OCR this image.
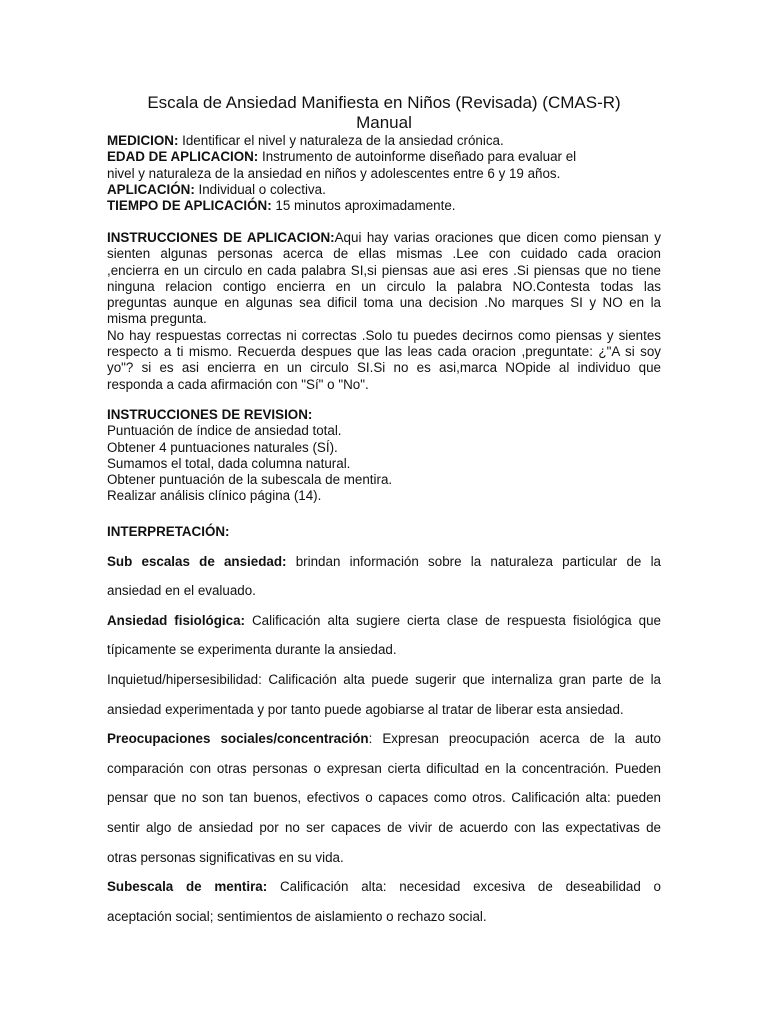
Escala de Ansiedad Manifiesta en Niños (Revisada) (CMAS-R)
Manual
MEDICION: Identificar el nivel y naturaleza de la ansiedad crónica.
EDAD DE APLICACION: Instrumento de autoinforme diseñado para evaluar el
nivel y naturaleza de la ansiedad en niños y adolescentes entre 6 y 19 años.
APLICACIÓN: Individual o colectiva.
TIEMPO DE APLICACIÓN: 15 minutos aproximadamente.
INSTRUCCIONES DE APLICACION:Aqui hay varias oraciones que dicen como piensan y
sienten algunas personas acerca de ellas mismas .Lee con cuidado cada oracion
,encierra en un circulo en cada palabra SI,si piensas aue asi eres .Si piensas que no tiene
ninguna relacion contigo encierra en un circulo la palabra NO.Contesta todas las
preguntas aunque en algunas sea dificil toma una decision .No marques SI y NO en la
misma pregunta.
No hay respuestas correctas ni correctas .Solo tu puedes decirnos como piensas y sientes
respecto a ti mismo. Recuerda despues que las leas cada oracion ,preguntate: ¿"A si soy
yo"? si es asi encierra en un circulo SI.Si no es asi,marca NOpide al individuo que
responda a cada afirmación con "Sí" o "No".
INSTRUCCIONES DE REVISION:
Puntuación de índice de ansiedad total.
Obtener 4 puntuaciones naturales (SÍ).
Sumamos el total, dada columna natural.
Obtener puntuación de la subescala de mentira.
Realizar análisis clínico página (14).
INTERPRETACIÓN:
Sub escalas de ansiedad: brindan información sobre la naturaleza particular de la
ansiedad en el evaluado.
Ansiedad fisiológica: Calificación alta sugiere cierta clase de respuesta fisiológica que
típicamente se experimenta durante la ansiedad.
Inquietud/hipersesibilidad: Calificación alta puede sugerir que internaliza gran parte de la
ansiedad experimentada y por tanto puede agobiarse al tratar de liberar esta ansiedad.
Preocupaciones sociales/concentración: Expresan preocupación acerca de la auto
comparación con otras personas o expresan cierta dificultad en la concentración. Pueden
pensar que no son tan buenos, efectivos o capaces como otros. Calificación alta: pueden
sentir algo de ansiedad por no ser capaces de vivir de acuerdo con las expectativas de
otras personas significativas en su vida.
Subescala de mentira: Calificación alta: necesidad excesiva de deseabilidad o
aceptación social; sentimientos de aislamiento o rechazo social.
